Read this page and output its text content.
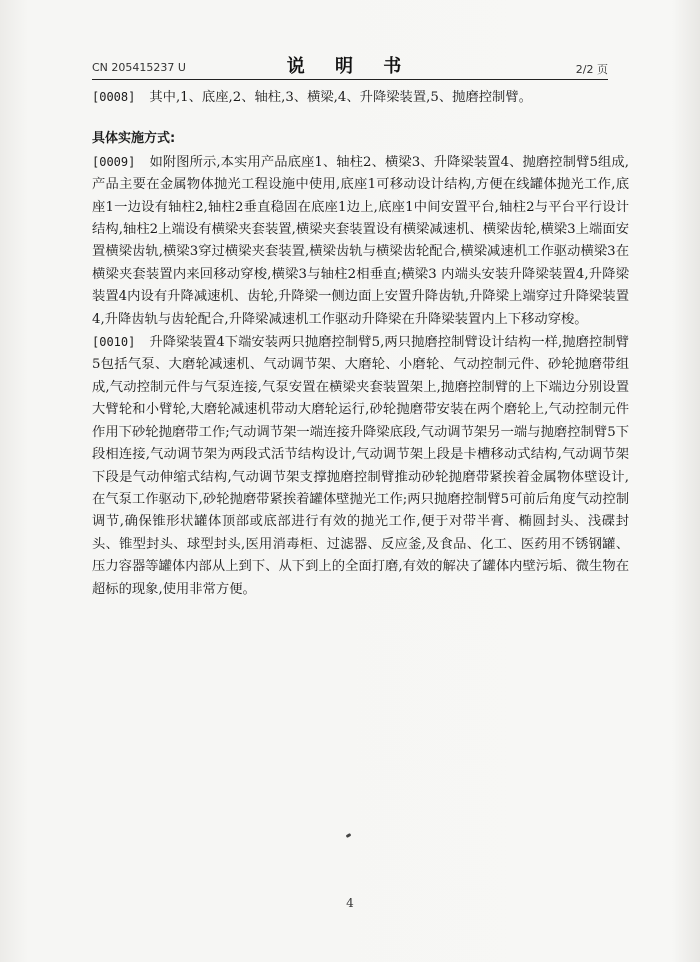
CN 205415237 U	说 明 书	2/2 页

[0008] 其中,1、底座,2、轴柱,3、横梁,4、升降梁装置,5、抛磨控制臂。

具体实施方式:

[0009] 如附图所示,本实用产品底座1、轴柱2、横梁3、升降梁装置4、抛磨控制臂5组成,产品主要在金属物体抛光工程设施中使用,底座1可移动设计结构,方便在线罐体抛光工作,底座1一边设有轴柱2,轴柱2垂直稳固在底座1边上,底座1中间安置平台,轴柱2与平台平行设计结构,轴柱2上端设有横梁夹套装置,横梁夹套装置设有横梁减速机、横梁齿轮,横梁3上端面安置横梁齿轨,横梁3穿过横梁夹套装置,横梁齿轨与横梁齿轮配合,横梁减速机工作驱动横梁3在横梁夹套装置内来回移动穿梭,横梁3与轴柱2相垂直;横梁3 内端头安装升降梁装置4,升降梁装置4内设有升降减速机、齿轮,升降梁一侧边面上安置升降齿轨,升降梁上端穿过升降梁装置4,升降齿轨与齿轮配合,升降梁减速机工作驱动升降梁在升降梁装置内上下移动穿梭。

[0010] 升降梁装置4下端安装两只抛磨控制臂5,两只抛磨控制臂设计结构一样,抛磨控制臂5包括气泵、大磨轮减速机、气动调节架、大磨轮、小磨轮、气动控制元件、砂轮抛磨带组成,气动控制元件与气泵连接,气泵安置在横梁夹套装置架上,抛磨控制臂的上下端边分别设置大臂轮和小臂轮,大磨轮减速机带动大磨轮运行,砂轮抛磨带安装在两个磨轮上,气动控制元件作用下砂轮抛磨带工作;气动调节架一端连接升降梁底段,气动调节架另一端与抛磨控制臂5下段相连接,气动调节架为两段式活节结构设计,气动调节架上段是卡槽移动式结构,气动调节架下段是气动伸缩式结构,气动调节架支撑抛磨控制臂推动砂轮抛磨带紧挨着金属物体壁设计,在气泵工作驱动下,砂轮抛磨带紧挨着罐体壁抛光工作;两只抛磨控制臂5可前后角度气动控制调节,确保锥形状罐体顶部或底部进行有效的抛光工作,便于对带半膏、椭圆封头、浅碟封头、锥型封头、球型封头,医用消毒柜、过滤器、反应釜,及食品、化工、医药用不锈钢罐、压力容器等罐体内部从上到下、从下到上的全面打磨,有效的解决了罐体内壁污垢、微生物在超标的现象,使用非常方便。

4
